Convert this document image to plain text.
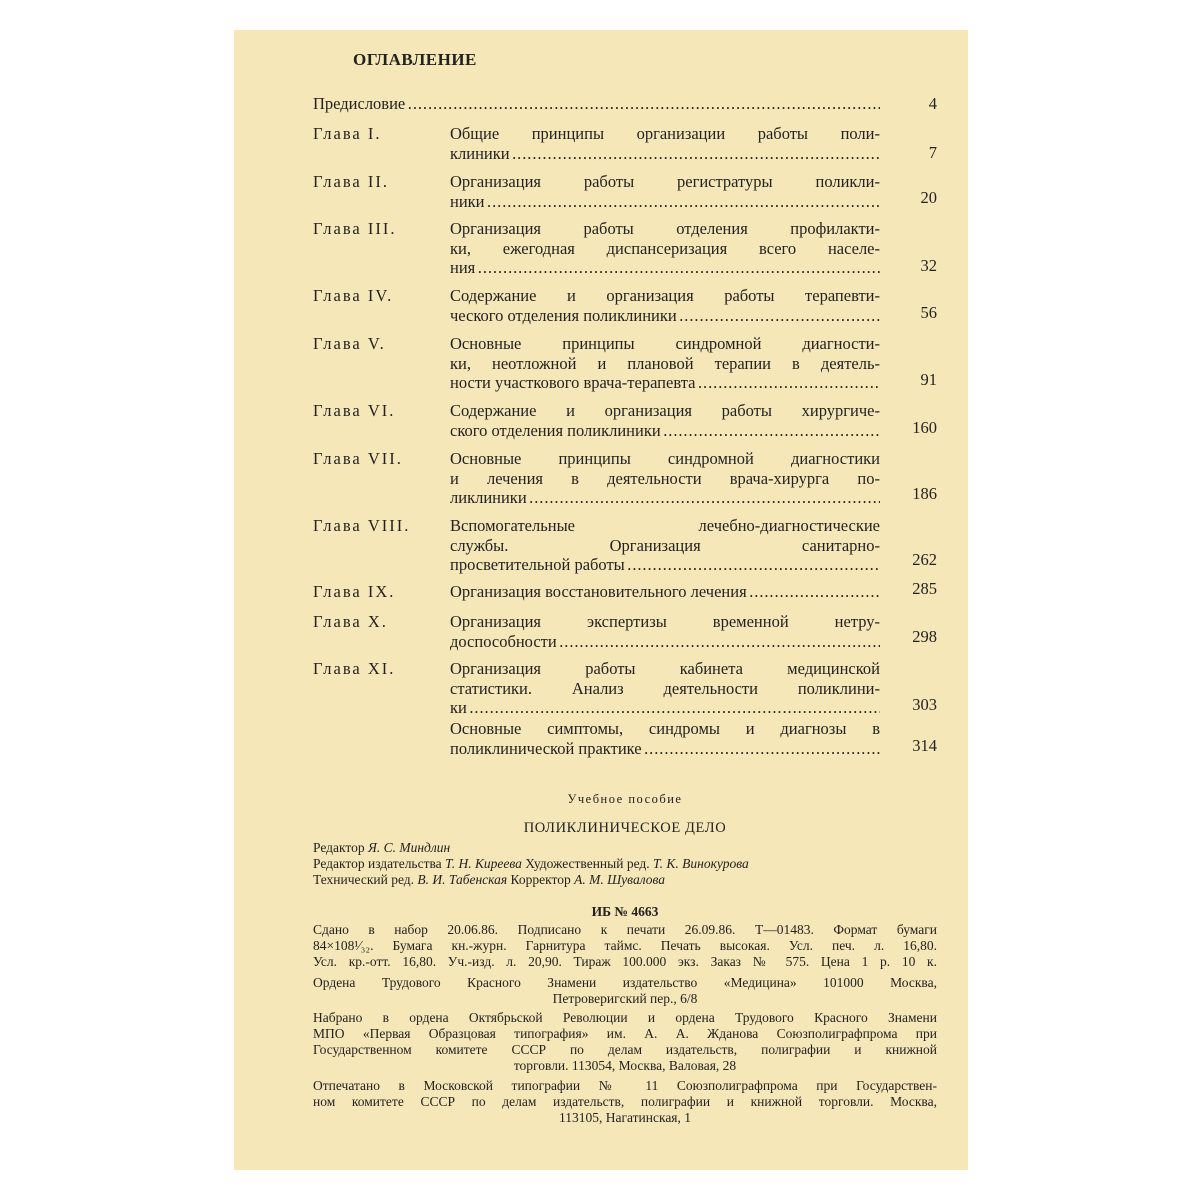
ОГЛАВЛЕНИЕ
Предисловие . . .	4
Глава I.	Общие принципы организации работы поли-
клиники . . .	7
Глава II.	Организация работы регистратуры поликли-
ники . . .	20
Глава III.	Организация работы отделения профилакти-
ки, ежегодная диспансеризация всего населе-
ния . . .	32
Глава IV.	Содержание и организация работы терапевти-
ческого отделения поликлиники . . .	56
Глава V.	Основные принципы синдромной диагности-
ки, неотложной и плановой терапии в деятель-
ности участкового врача-терапевта . . .	91
Глава VI.	Содержание и организация работы хирургиче-
ского отделения поликлиники . . .	160
Глава VII.	Основные принципы синдромной диагностики
и лечения в деятельности врача-хирурга по-
ликлиники . . .	186
Глава VIII. Вспомогательные лечебно-диагностические
службы. Организация санитарно-
просветительной работы . . .	262
Глава IX.	Организация восстановительного лечения . . .	285
Глава X.	Организация экспертизы временной нетру-
доспособности . . .	298
Глава XI.	Организация работы кабинета медицинской
статистики. Анализ деятельности поликлини-
ки . . .	303
Основные симптомы, синдромы и диагнозы в
поликлинической практике . . .	314
Учебное пособие
ПОЛИКЛИНИЧЕСКОЕ ДЕЛО
Редактор Я. С. Миндлин
Редактор издательства Т. Н. Киреева Художественный ред. Т. К. Винокурова
Технический ред. В. И. Табенская Корректор А. М. Шувалова
ИБ № 4663
Сдано в набор 20.06.86. Подписано к печати 26.09.86. Т—01483. Формат бумаги
84×108¹⁄₃₂. Бумага кн.-журн. Гарнитура таймс. Печать высокая. Усл. печ. л. 16,80.
Усл. кр.-отт. 16,80. Уч.-изд. л. 20,90. Тираж 100.000 экз. Заказ № 575. Цена 1 р. 10 к.
Ордена Трудового Красного Знамени издательство «Медицина» 101000 Москва,
Петроверигский пер., 6/8
Набрано в ордена Октябрьской Революции и ордена Трудового Красного Знамени
МПО «Первая Образцовая типография» им. А. А. Жданова Союзполиграфпрома при
Государственном комитете СССР по делам издательств, полиграфии и книжной
торговли. 113054, Москва, Валовая, 28
Отпечатано в Московской типографии № 11 Союзполиграфпрома при Государствен-
ном комитете СССР по делам издательств, полиграфии и книжной торговли. Москва,
113105, Нагатинская, 1
